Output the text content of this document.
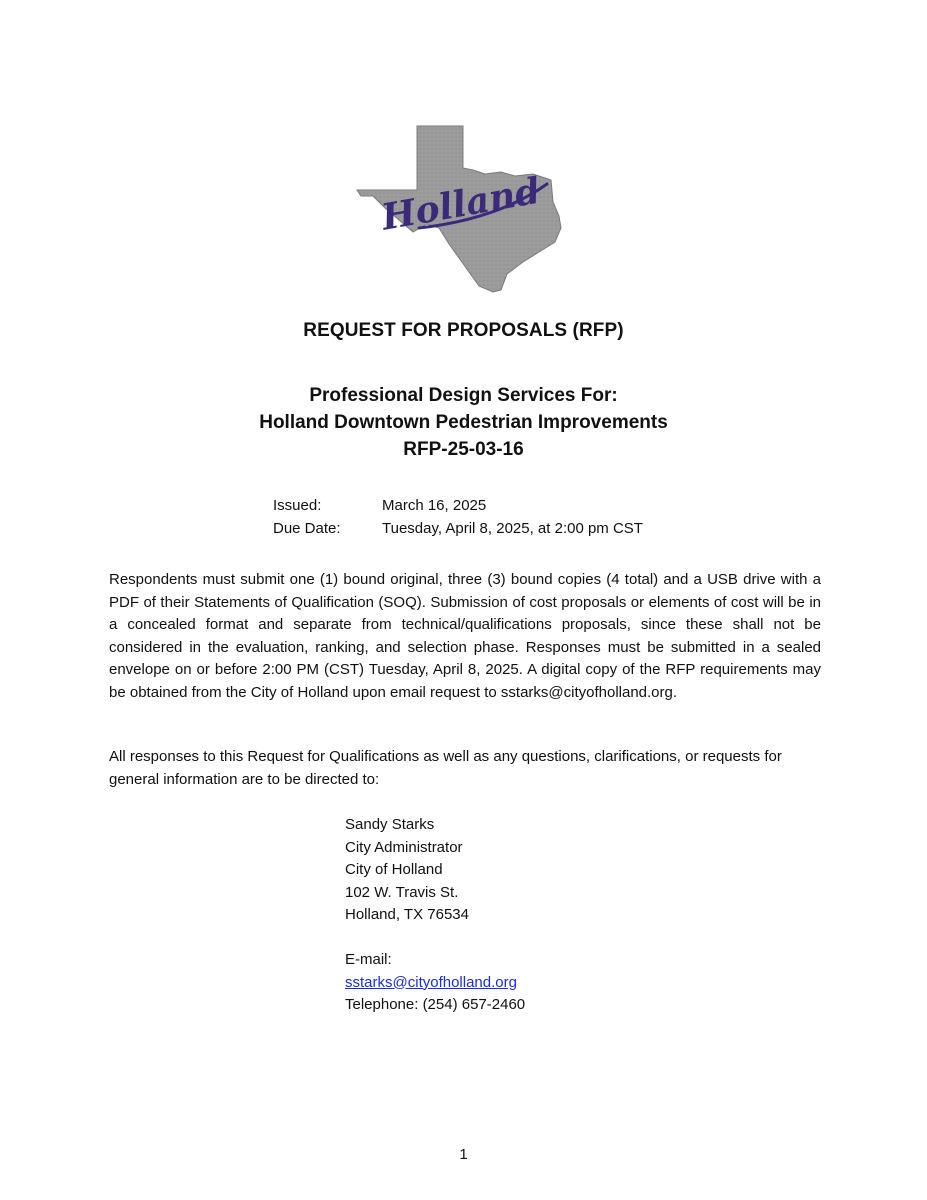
Holland
REQUEST FOR PROPOSALS (RFP)
Professional Design Services For:
Holland Downtown Pedestrian Improvements
RFP-25-03-16
Issued:	March 16, 2025
Due Date:	Tuesday, April 8, 2025, at 2:00 pm CST
Respondents must submit one (1) bound original, three (3) bound copies (4 total) and a USB drive with a PDF of their Statements of Qualification (SOQ). Submission of cost proposals or elements of cost will be in a concealed format and separate from technical/qualifications proposals, since these shall not be considered in the evaluation, ranking, and selection phase. Responses must be submitted in a sealed envelope on or before 2:00 PM (CST) Tuesday, April 8, 2025. A digital copy of the RFP requirements may be obtained from the City of Holland upon email request to sstarks@cityofholland.org.
All responses to this Request for Qualifications as well as any questions, clarifications, or requests for general information are to be directed to:
Sandy Starks
City Administrator
City of Holland
102 W. Travis St.
Holland, TX 76534
E-mail:
sstarks@cityofholland.org
Telephone: (254) 657-2460
1
